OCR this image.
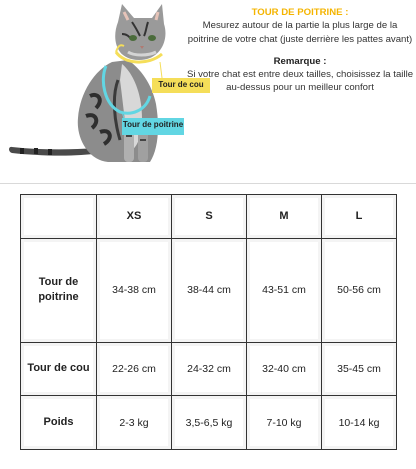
Tour de cou
Tour de poitrine

TOUR DE POITRINE :

Mesurez autour de la partie la plus large de la poitrine de votre chat (juste derrière les pattes avant)

Remarque :

Si votre chat est entre deux tailles, choisissez la taille au-dessus pour un meilleur confort

	XS	S	M	L
Tour de poitrine	34-38 cm	38-44 cm	43-51 cm	50-56 cm
Tour de cou	22-26 cm	24-32 cm	32-40 cm	35-45 cm
Poids	2-3 kg	3,5-6,5 kg	7-10 kg	10-14 kg
